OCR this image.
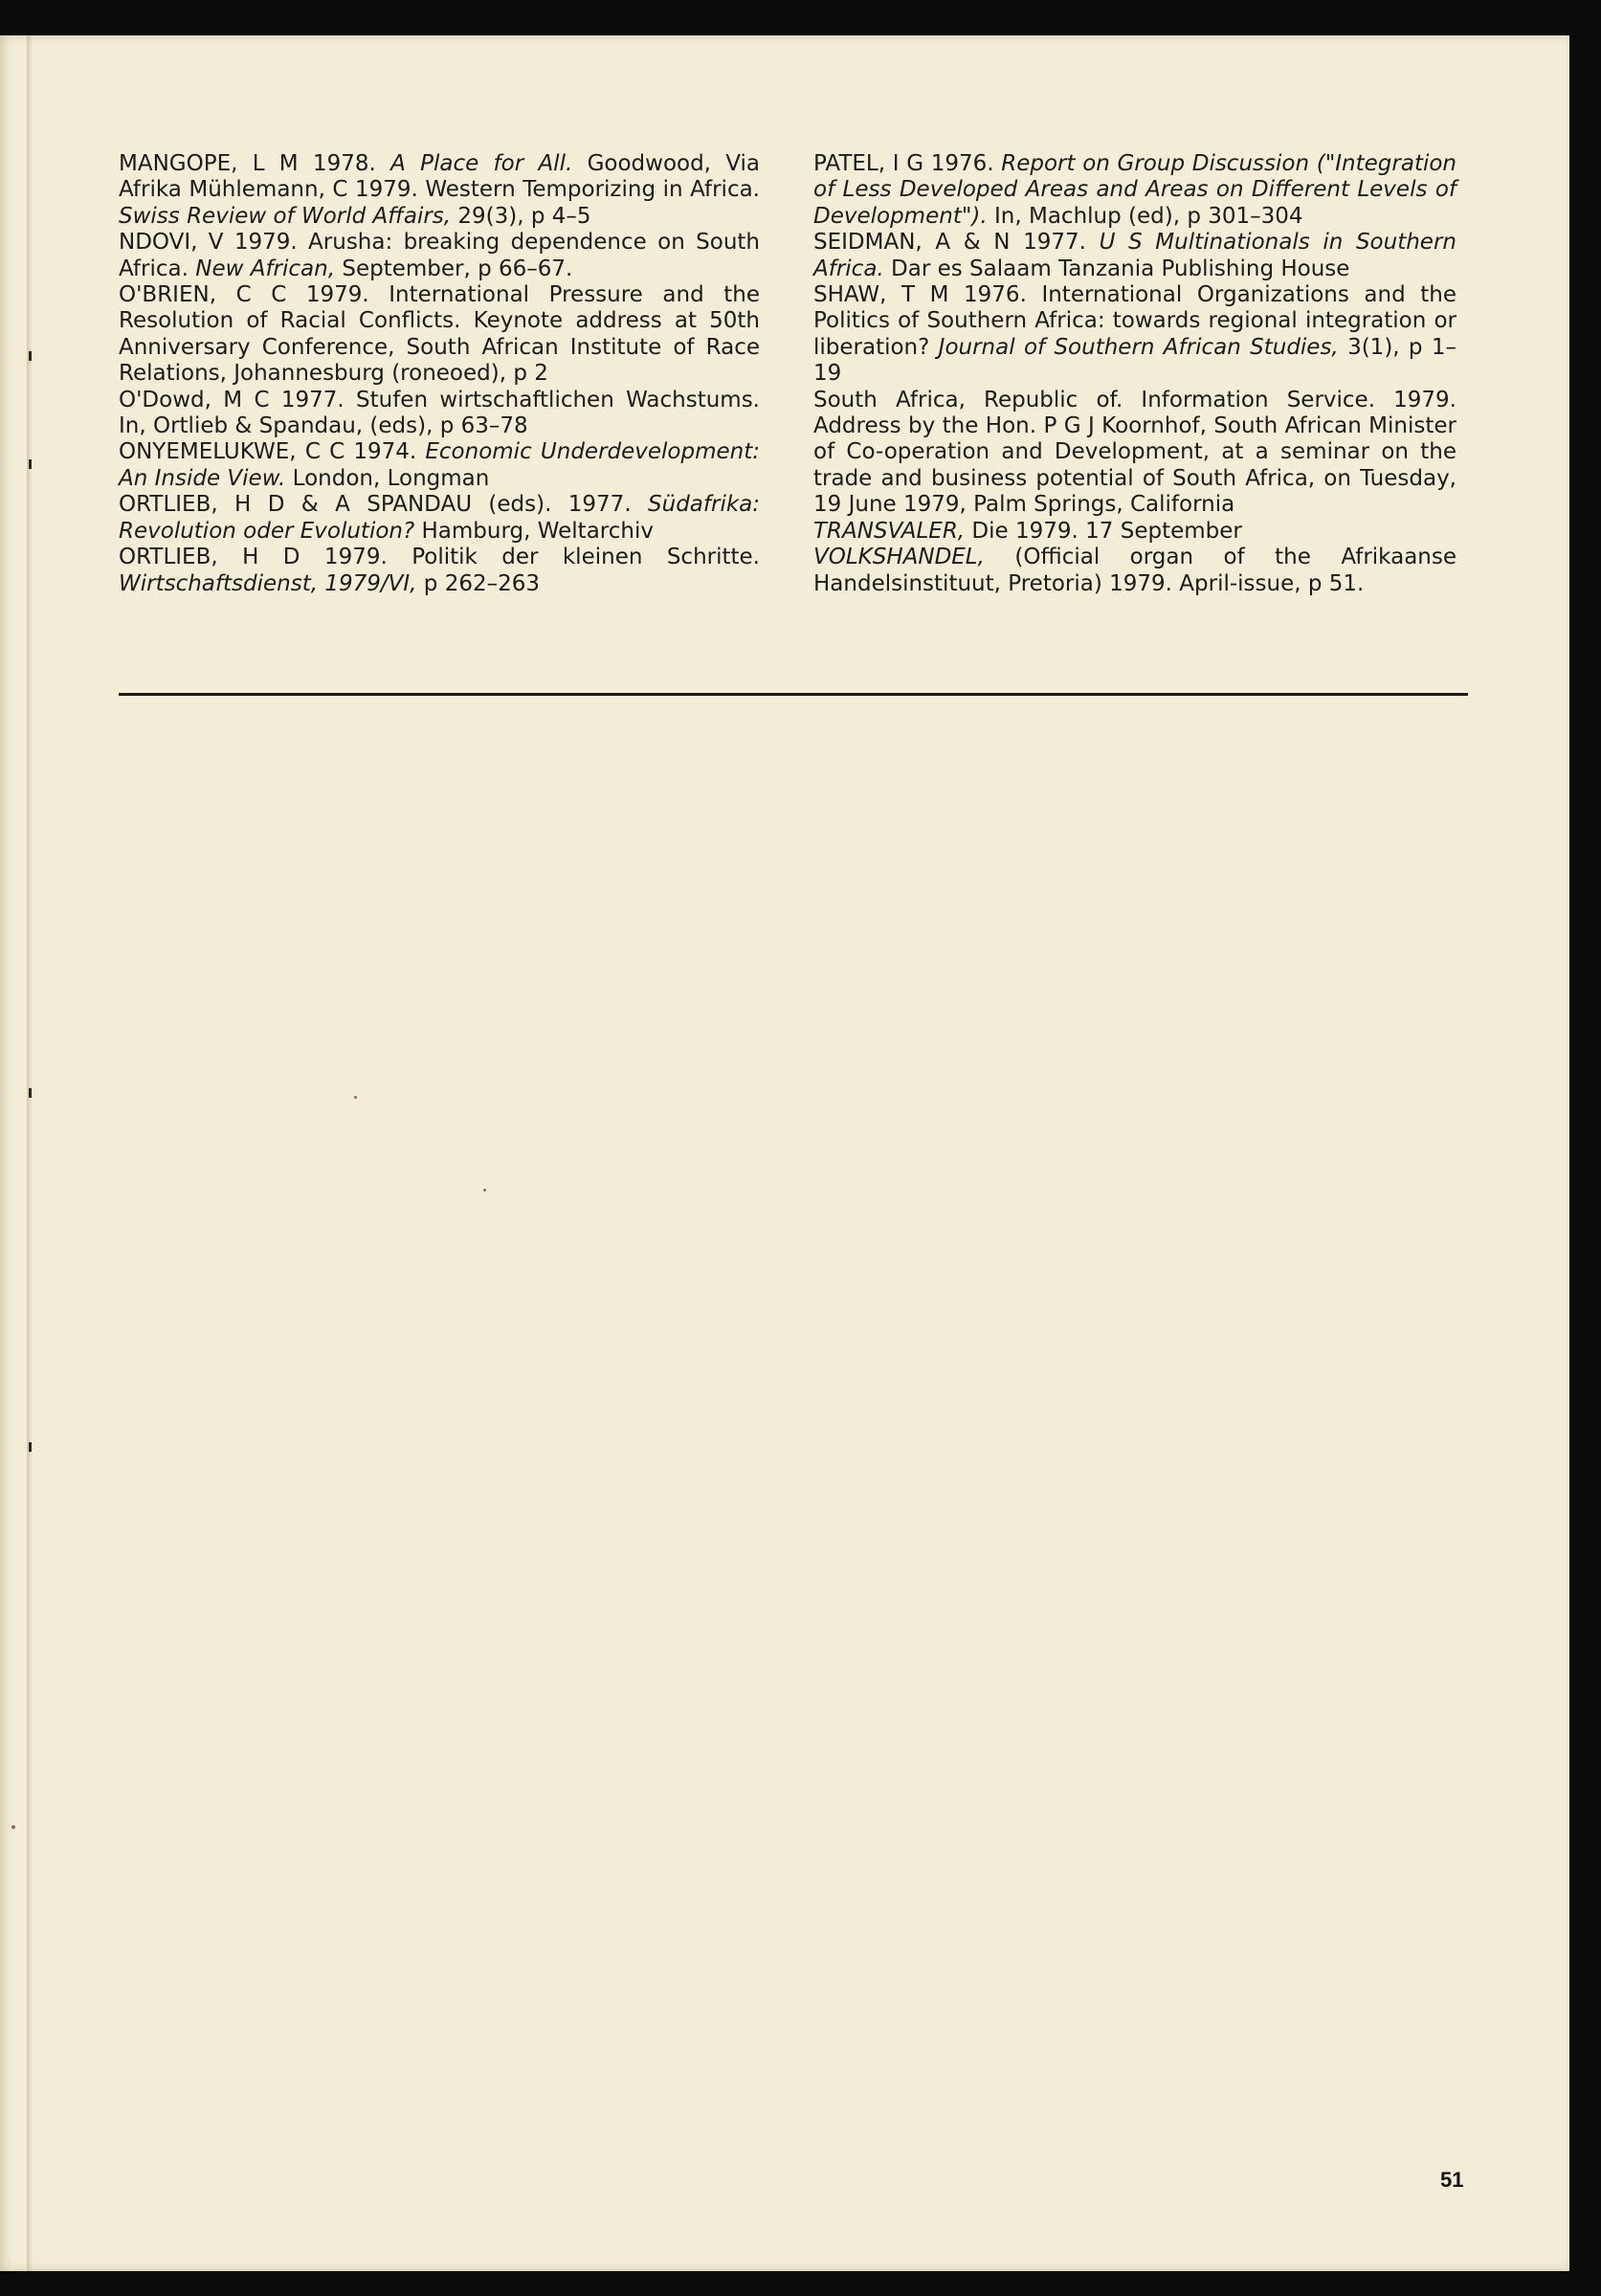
MANGOPE, L M 1978. A Place for All. Goodwood, Via Afrika Mühlemann, C 1979. Western Temporizing in Africa. Swiss Review of World Affairs, 29(3), p 4–5

NDOVI, V 1979. Arusha: breaking dependence on South Africa. New African, September, p 66–67.

O'BRIEN, C C 1979. International Pressure and the Resolution of Racial Conflicts. Keynote address at 50th Anniversary Conference, South African Institute of Race Relations, Johannesburg (roneoed), p 2

O'Dowd, M C 1977. Stufen wirtschaftlichen Wachstums. In, Ortlieb & Spandau, (eds), p 63–78

ONYEMELUKWE, C C 1974. Economic Underdevelopment: An Inside View. London, Longman

ORTLIEB, H D & A SPANDAU (eds). 1977. Südafrika: Revolution oder Evolution? Hamburg, Weltarchiv

ORTLIEB, H D 1979. Politik der kleinen Schritte. Wirtschaftsdienst, 1979/VI, p 262–263

PATEL, I G 1976. Report on Group Discussion ("Integration of Less Developed Areas and Areas on Different Levels of Development"). In, Machlup (ed), p 301–304

SEIDMAN, A & N 1977. U S Multinationals in Southern Africa. Dar es Salaam Tanzania Publishing House

SHAW, T M 1976. International Organizations and the Politics of Southern Africa: towards regional integration or liberation? Journal of Southern African Studies, 3(1), p 1–19

South Africa, Republic of. Information Service. 1979. Address by the Hon. P G J Koornhof, South African Minister of Co-operation and Development, at a seminar on the trade and business potential of South Africa, on Tuesday, 19 June 1979, Palm Springs, California

TRANSVALER, Die 1979. 17 September

VOLKSHANDEL, (Official organ of the Afrikaanse Handelsinstituut, Pretoria) 1979. April-issue, p 51.

51
